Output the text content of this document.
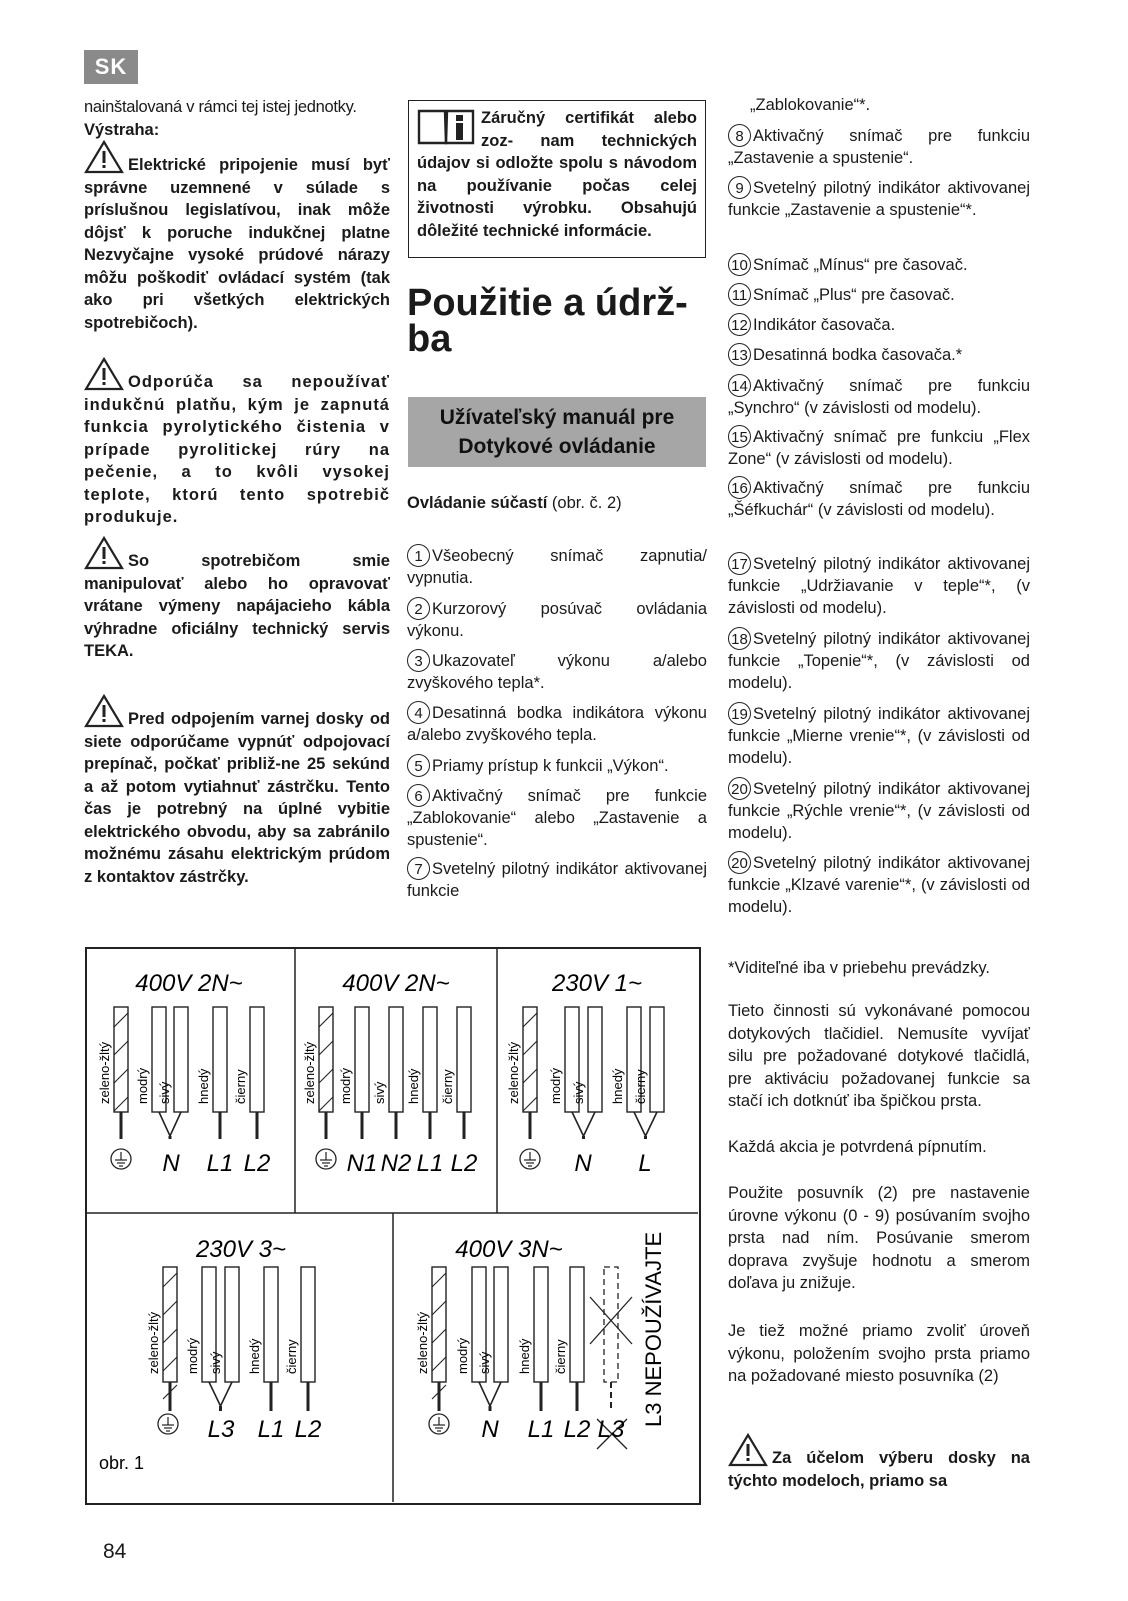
SK

nainštalovaná v rámci tej istej jednotky.

Výstraha:

Elektrické pripojenie musí byť správne uzemnené v súlade s príslušnou legislatívou, inak môže dôjsť k poruche indukčnej platne Nezvyčajne vysoké prúdové nárazy môžu poškodiť ovládací systém (tak ako pri všetkých elektrických spotrebičoch).
Odporúča sa nepoužívať indukčnú platňu, kým je zapnutá funkcia pyrolytického čistenia v prípade pyrolitickej rúry na pečenie, a to kvôli vysokej teplote, ktorú tento spotrebič produkuje.
So spotrebičom smie manipulovať alebo ho opravovať vrátane výmeny napájacieho kábla výhradne oficiálny technický servis TEKA.
Pred odpojením varnej dosky od siete odporúčame vypnúť odpojovací prepínač, počkať približ-ne 25 sekúnd a až potom vytiahnuť zástrčku. Tento čas je potrebný na úplné vybitie elektrického obvodu, aby sa zabránilo možnému zásahu elektrickým prúdom z kontaktov zástrčky.
Záručný certifikát alebo zoz- nam technických údajov si odložte spolu s návodom na používanie počas celej životnosti výrobku. Obsahujú dôležité technické informácie.
Použitie a údrž-ba
Užívateľský manuál pre Dotykové ovládanie
Ovládanie súčastí (obr. č. 2)
1 Všeobecný snímač zapnutia/ vypnutia.
2 Kurzorový posúvač ovládania výkonu.
3 Ukazovateľ výkonu a/alebo zvyškového tepla*.
4 Desatinná bodka indikátora výkonu a/alebo zvyškového tepla.
5 Priamy prístup k funkcii „Výkon“.
6 Aktivačný snímač pre funkcie „Zablokovanie“ alebo „Zastavenie a spustenie“.
7 Svetelný pilotný indikátor aktivovanej funkcie
„Zablokovanie“*.
8 Aktivačný snímač pre funkciu „Zastavenie a spustenie“.
9 Svetelný pilotný indikátor aktivovanej funkcie „Zastavenie a spustenie“*.
10 Snímač „Mínus“ pre časovač.
11 Snímač „Plus“ pre časovač.
12 Indikátor časovača.
13 Desatinná bodka časovača.*
14 Aktivačný snímač pre funkciu „Synchro“ (v závislosti od modelu).
15 Aktivačný snímač pre funkciu „Flex Zone“ (v závislosti od modelu).
16 Aktivačný snímač pre funkciu „Šéfkuchár“ (v závislosti od modelu).
17 Svetelný pilotný indikátor aktivovanej funkcie „Udržiavanie v teple“*, (v závislosti od modelu).
18 Svetelný pilotný indikátor aktivovanej funkcie „Topenie“*, (v závislosti od modelu).
19 Svetelný pilotný indikátor aktivovanej funkcie „Mierne vrenie“*, (v závislosti od modelu).
20 Svetelný pilotný indikátor aktivovanej funkcie „Rýchle vrenie“*, (v závislosti od modelu).
20 Svetelný pilotný indikátor aktivovanej funkcie „Klzavé varenie“*, (v závislosti od modelu).
400V 2N~
zeleno-žltý modrý sivý hnedý čierny
N L1 L2
400V 2N~
zeleno-žltý modrý sivý hnedý čierny
N1 N2 L1 L2
230V 1~
zeleno-žltý modrý sivý hnedý čierny
N L
230V 3~
zeleno-žltý modrý sivý hnedý čierny
L3 L1 L2
400V 3N~
zeleno-žltý modrý sivý hnedý čierny
N L1 L2 L3
L3 NEPOUŽÍVAJTE
obr. 1
*Viditeľné iba v priebehu prevádzky.
Tieto činnosti sú vykonávané pomocou dotykových tlačidiel. Nemusíte vyvíjať silu pre požadované dotykové tlačidlá, pre aktiváciu požadovanej funkcie sa stačí ich dotknúť iba špičkou prsta.
Každá akcia je potvrdená pípnutím.
Použite posuvník (2) pre nastavenie úrovne výkonu (0 - 9) posúvaním svojho prsta nad ním. Posúvanie smerom doprava zvyšuje hodnotu a smerom doľava ju znižuje.
Je tiež možné priamo zvoliť úroveň výkonu, položením svojho prsta priamo na požadované miesto posuvníka (2)
Za účelom výberu dosky na týchto modeloch, priamo sa
84
